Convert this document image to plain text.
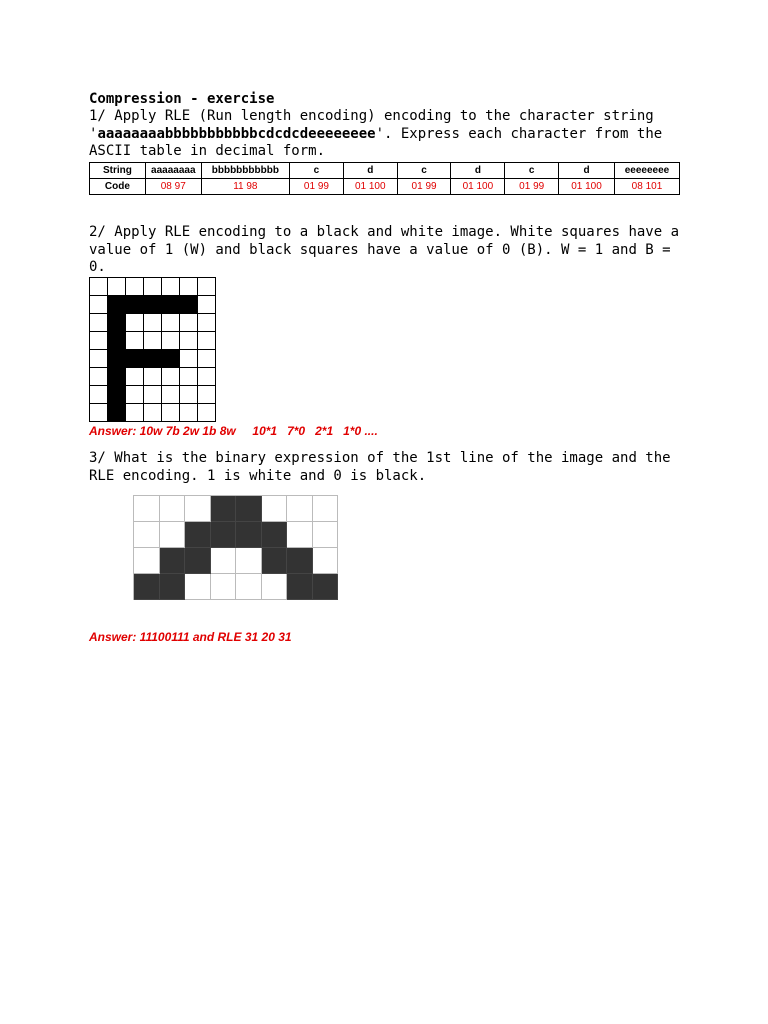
Compression - exercise
1/ Apply RLE (Run length encoding) encoding to the character string 'aaaaaaaabbbbbbbbbbbcdcdcdeeeeeeee'. Express each character from the ASCII table in decimal form.
String	aaaaaaaa	bbbbbbbbbbb	c	d	c	d	c	d	eeeeeeee
Code	08 97	11 98	01 99	01 100	01 99	01 100	01 99	01 100	08 101
2/ Apply RLE encoding to a black and white image. White squares have a value of 1 (W) and black squares have a value of 0 (B). W = 1 and B = 0.
Answer: 10w 7b 2w 1b 8w     10*1   7*0   2*1   1*0 ....
3/ What is the binary expression of the 1st line of the image and the RLE encoding. 1 is white and 0 is black.
Answer: 11100111 and RLE 31 20 31
